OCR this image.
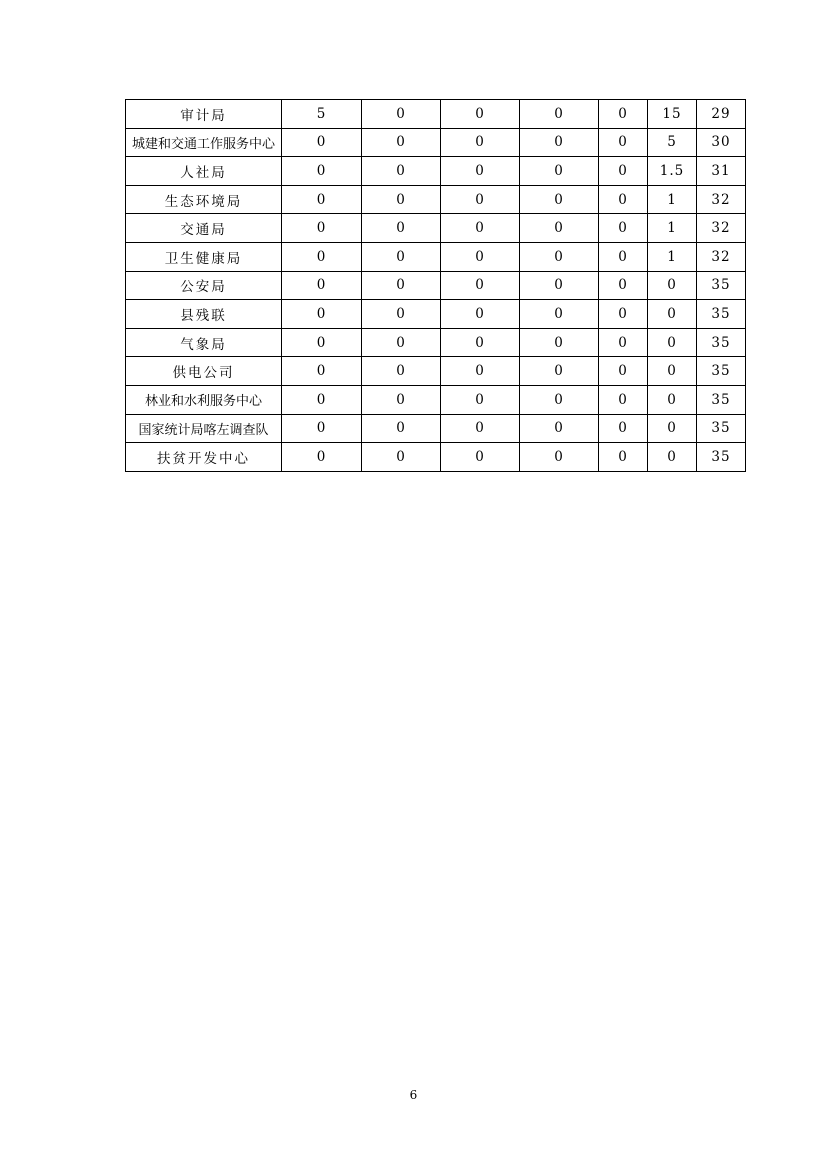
审计局	5	0	0	0	0	15	29
城建和交通工作服务中心	0	0	0	0	0	5	30
人社局	0	0	0	0	0	1.5	31
生态环境局	0	0	0	0	0	1	32
交通局	0	0	0	0	0	1	32
卫生健康局	0	0	0	0	0	1	32
公安局	0	0	0	0	0	0	35
县残联	0	0	0	0	0	0	35
气象局	0	0	0	0	0	0	35
供电公司	0	0	0	0	0	0	35
林业和水利服务中心	0	0	0	0	0	0	35
国家统计局喀左调查队	0	0	0	0	0	0	35
扶贫开发中心	0	0	0	0	0	0	35
6
